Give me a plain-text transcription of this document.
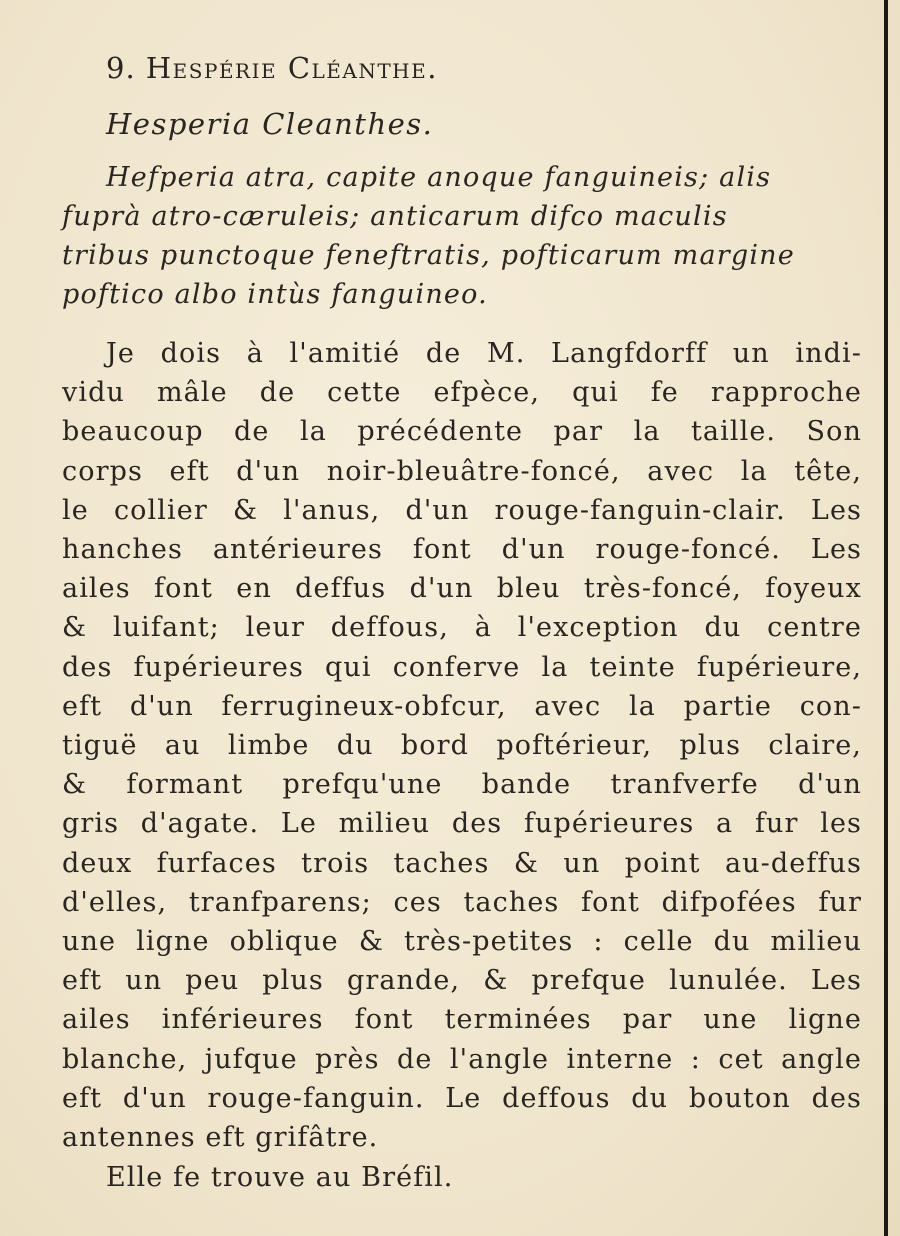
9. Hespérie Cléanthe.
Hesperia Cleanthes.
Hefperia atra, capite anoque fanguineis; alis
fuprà atro-cæruleis; anticarum difco maculis
tribus punctoque feneftratis, pofticarum margine
poftico albo intùs fanguineo.
Je dois à l'amitié de M. Langfdorff un indi-
vidu mâle de cette efpèce, qui fe rapproche
beaucoup de la précédente par la taille. Son
corps eft d'un noir-bleuâtre-foncé, avec la tête,
le collier & l'anus, d'un rouge-fanguin-clair. Les
hanches antérieures font d'un rouge-foncé. Les
ailes font en deffus d'un bleu très-foncé, foyeux
& luifant; leur deffous, à l'exception du centre
des fupérieures qui conferve la teinte fupérieure,
eft d'un ferrugineux-obfcur, avec la partie con-
tiguë au limbe du bord poftérieur, plus claire,
& formant prefqu'une bande tranfverfe d'un
gris d'agate. Le milieu des fupérieures a fur les
deux furfaces trois taches & un point au-deffus
d'elles, tranfparens; ces taches font difpofées fur
une ligne oblique & très-petites : celle du milieu
eft un peu plus grande, & prefque lunulée. Les
ailes inférieures font terminées par une ligne
blanche, jufque près de l'angle interne : cet angle
eft d'un rouge-fanguin. Le deffous du bouton des
antennes eft grifâtre.
Elle fe trouve au Bréfil.
